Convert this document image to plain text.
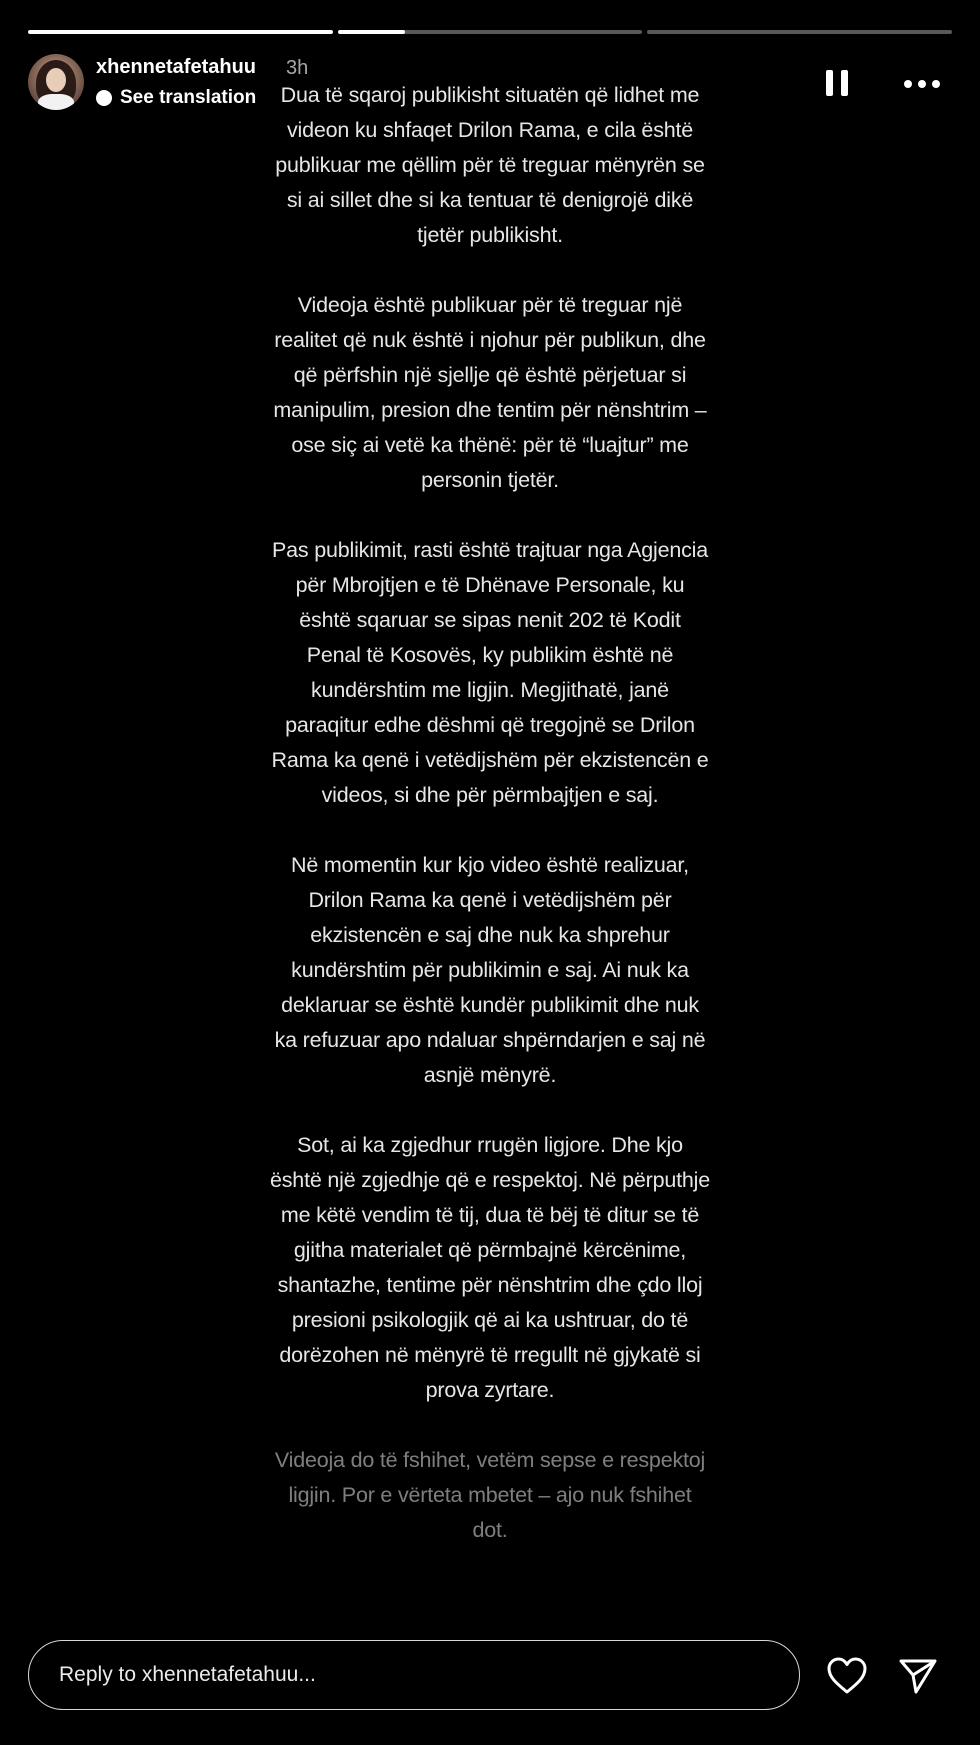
xhennetafetahuu 3h
See translation	Dua të sqaroj publikisht situatën që lidhet me videon ku shfaqet Drilon Rama, e cila është publikuar me qëllim për të treguar mënyrën se si ai sillet dhe si ka tentuar të denigrojë dikë tjetër publikisht.

Videoja është publikuar për të treguar një realitet që nuk është i njohur për publikun, dhe që përfshin një sjellje që është përjetuar si manipulim, presion dhe tentim për nënshtrim – ose siç ai vetë ka thënë: për të “luajtur” me personin tjetër.

Pas publikimit, rasti është trajtuar nga Agjencia për Mbrojtjen e të Dhënave Personale, ku është sqaruar se sipas nenit 202 të Kodit Penal të Kosovës, ky publikim është në kundërshtim me ligjin. Megjithatë, janë paraqitur edhe dëshmi që tregojnë se Drilon Rama ka qenë i vetëdijshëm për ekzistencën e videos, si dhe për përmbajtjen e saj.

Në momentin kur kjo video është realizuar, Drilon Rama ka qenë i vetëdijshëm për ekzistencën e saj dhe nuk ka shprehur kundërshtim për publikimin e saj. Ai nuk ka deklaruar se është kundër publikimit dhe nuk ka refuzuar apo ndaluar shpërndarjen e saj në asnjë mënyrë.

Sot, ai ka zgjedhur rrugën ligjore. Dhe kjo është një zgjedhje që e respektoj. Në përputhje me këtë vendim të tij, dua të bëj të ditur se të gjitha materialet që përmbajnë kërcënime, shantazhe, tentime për nënshtrim dhe çdo lloj presioni psikologjik që ai ka ushtruar, do të dorëzohen në mënyrë të rregullt në gjykatë si prova zyrtare.

Videoja do të fshihet, vetëm sepse e respektoj ligjin. Por e vërteta mbetet – ajo nuk fshihet dot.

Reply to xhennetafetahuu...
